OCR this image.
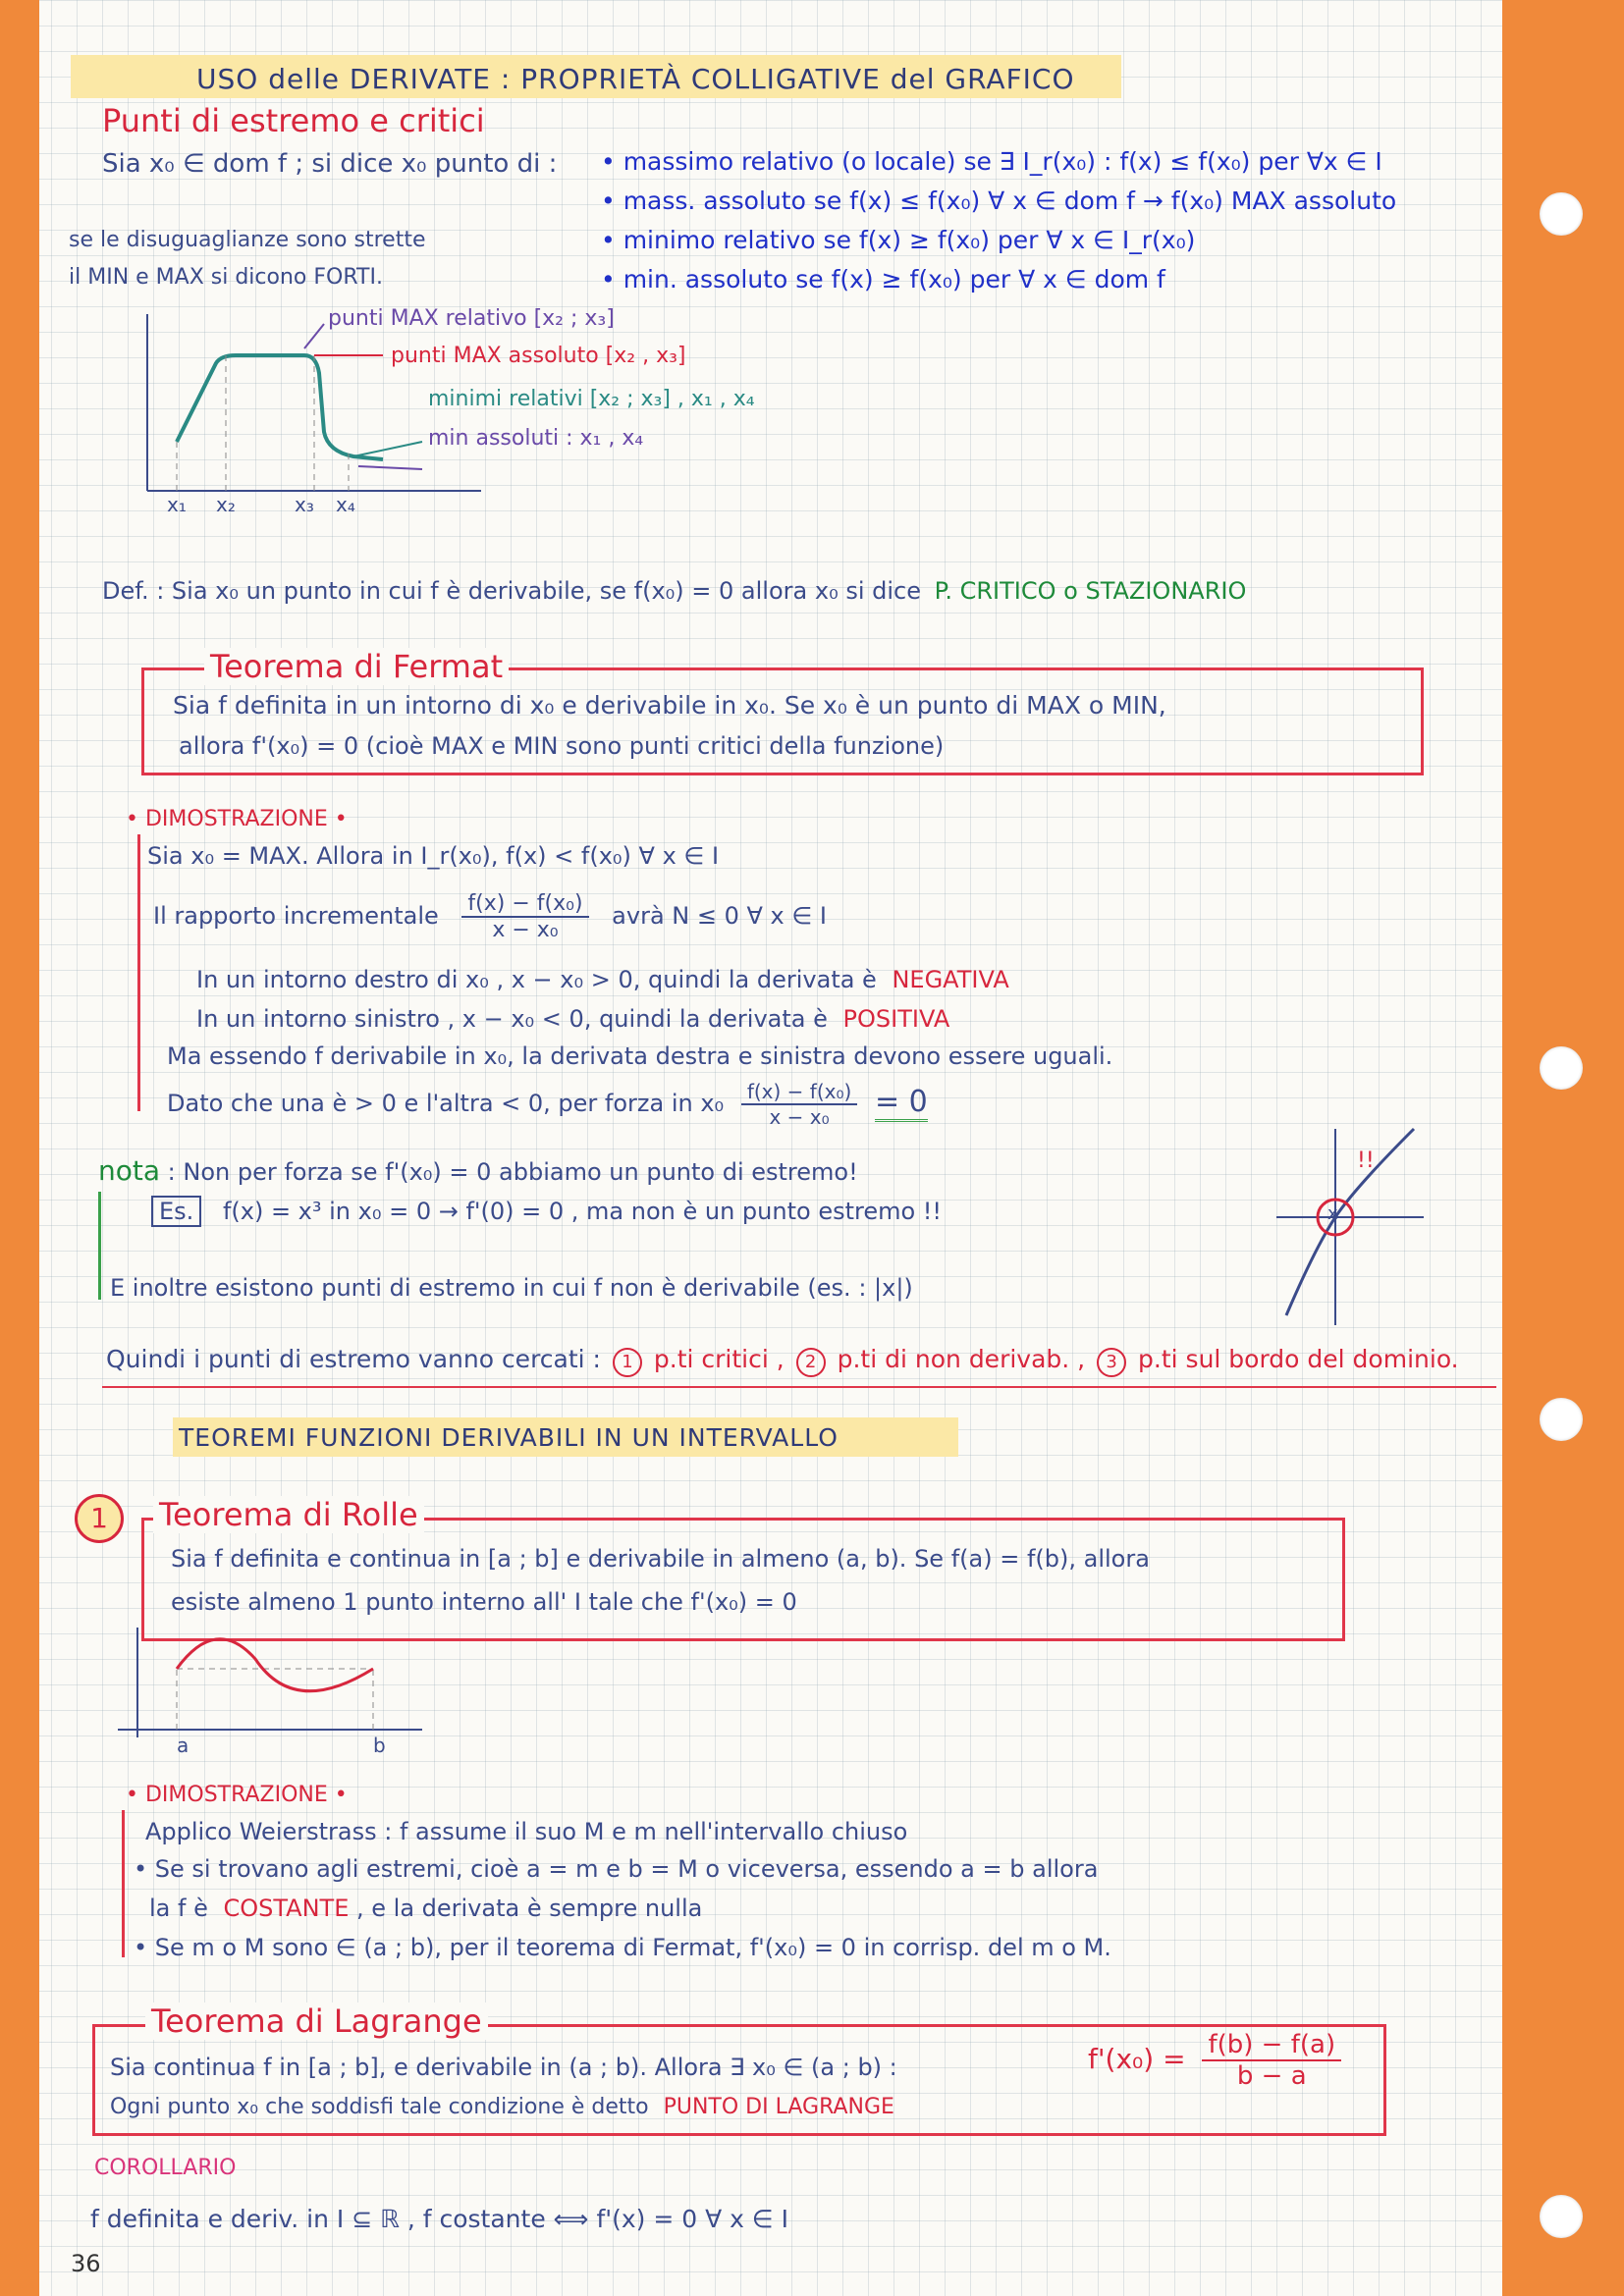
USO delle DERIVATE : PROPRIETÀ COLLIGATIVE del GRAFICO
Punti di estremo e critici
Sia x₀ ∈ dom f ; si dice x₀ punto di : • massimo relativo (o locale) se ∃ I_r(x₀) : f(x) ≤ f(x₀) per ∀x ∈ I
• mass. assoluto se f(x) ≤ f(x₀) ∀ x ∈ dom f → f(x₀) MAX assoluto
• minimo relativo se f(x) ≥ f(x₀) per ∀ x ∈ I_r(x₀)
• min. assoluto se f(x) ≥ f(x₀) per ∀ x ∈ dom f
se le disuguaglianze sono strette
il MIN e MAX si dicono FORTI.
punti MAX relativo [x₂ ; x₃]
punti MAX assoluto [x₂ , x₃]
minimi relativi [x₂ ; x₃] , x₁ , x₄
min assoluti : x₁ , x₄
x₁ x₂	x₃ x₄
Def. : Sia x₀ un punto in cui f è derivabile, se f(x₀) = 0 allora x₀ si dice P. CRITICO o STAZIONARIO
Teorema di Fermat
Sia f definita in un intorno di x₀ e derivabile in x₀. Se x₀ è un punto di MAX o MIN,
allora f'(x₀) = 0 (cioè MAX e MIN sono punti critici della funzione)
• DIMOSTRAZIONE •
Sia x₀ = MAX. Allora in I_r(x₀), f(x) < f(x₀) ∀ x ∈ I
Il rapporto incrementale $\frac{\text{f(x) − f(x₀)}}{\text{x − x₀}}$ avrà N ≤ 0 ∀ x ∈ I
In un intorno destro di x₀ , x − x₀ > 0, quindi la derivata è NEGATIVA
In un intorno sinistro , x − x₀ < 0, quindi la derivata è POSITIVA
Ma essendo f derivabile in x₀, la derivata destra e sinistra devono essere uguali.
Dato che una è > 0 e l'altra < 0, per forza in $x_0 \frac{\text{f(x) − f(x₀)}}{\text{x − x₀}} = 0$
nota : Non per forza se f'(x₀) = 0 abbiamo un punto di estremo!
Es. f(x) = x³ in x₀ = 0 → f'(0) = 0 , ma non è un punto estremo !!
E inoltre esistono punti di estremo in cui f non è derivabile (es. : |x|)
!!
x
Quindi i punti di estremo vanno cercati : 1 p.ti critici , 2 p.ti di non derivab. , 3 p.ti sul bordo del dominio.
TEOREMI FUNZIONI DERIVABILI IN UN INTERVALLO
1	Teorema di Rolle
Sia f definita e continua in [a ; b] e derivabile in almeno (a, b). Se f(a) = f(b), allora
esiste almeno 1 punto interno all' I tale che f'(x₀) = 0
a	b
• DIMOSTRAZIONE •
Applico Weierstrass : f assume il suo M e m nell'intervallo chiuso
• Se si trovano agli estremi, cioè a = m e b = M o viceversa, essendo a = b allora
la f è COSTANTE , e la derivata è sempre nulla
• Se m o M sono ∈ (a ; b), per il teorema di Fermat, f'(x₀) = 0 in corrisp. del m o M.
Teorema di Lagrange
Sia continua f in [a ; b], e derivabile in (a ; b). Allora ∃ x₀ ∈ (a ; b) :	$f'(x_0) = \frac{f(b) - f(a)}{b - a}$
Ogni punto x₀ che soddisfi tale condizione è detto PUNTO DI LAGRANGE
COROLLARIO
f definita e deriv. in I ⊆ ℝ , f costante ⟺ f'(x) = 0 ∀ x ∈ I
36
